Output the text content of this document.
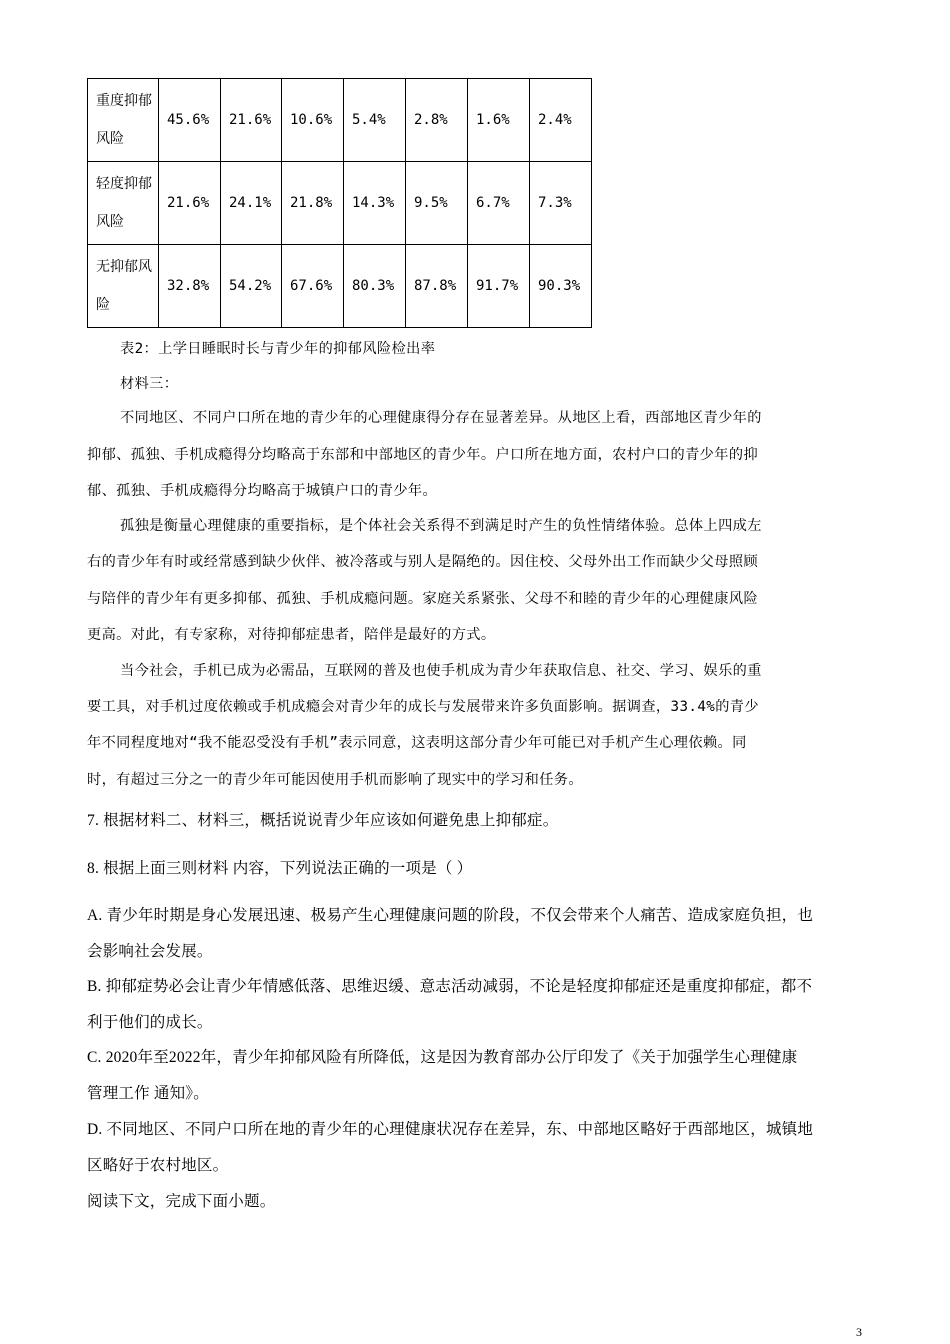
重度抑郁风险	45.6%	21.6%	10.6%	5.4%	2.8%	1.6%	2.4%
轻度抑郁风险	21.6%	24.1%	21.8%	14.3%	9.5%	6.7%	7.3%
无抑郁风险	32.8%	54.2%	67.6%	80.3%	87.8%	91.7%	90.3%
表2：上学日睡眠时长与青少年的抑郁风险检出率
材料三：
不同地区、不同户口所在地的青少年的心理健康得分存在显著差异。从地区上看，西部地区青少年的
抑郁、孤独、手机成瘾得分均略高于东部和中部地区的青少年。户口所在地方面，农村户口的青少年的抑
郁、孤独、手机成瘾得分均略高于城镇户口的青少年。
孤独是衡量心理健康的重要指标，是个体社会关系得不到满足时产生的负性情绪体验。总体上四成左
右的青少年有时或经常感到缺少伙伴、被冷落或与别人是隔绝的。因住校、父母外出工作而缺少父母照顾
与陪伴的青少年有更多抑郁、孤独、手机成瘾问题。家庭关系紧张、父母不和睦的青少年的心理健康风险
更高。对此，有专家称，对待抑郁症患者，陪伴是最好的方式。
当今社会，手机已成为必需品，互联网的普及也使手机成为青少年获取信息、社交、学习、娱乐的重
要工具，对手机过度依赖或手机成瘾会对青少年的成长与发展带来许多负面影响。据调查，33.4%的青少
年不同程度地对“我不能忍受没有手机”表示同意，这表明这部分青少年可能已对手机产生心理依赖。同
时，有超过三分之一的青少年可能因使用手机而影响了现实中的学习和任务。
7. 根据材料二、材料三，概括说说青少年应该如何避免患上抑郁症。
8. 根据上面三则材料 内容，下列说法正确的一项是（ ）
A. 青少年时期是身心发展迅速、极易产生心理健康问题的阶段，不仅会带来个人痛苦、造成家庭负担，也
会影响社会发展。
B. 抑郁症势必会让青少年情感低落、思维迟缓、意志活动减弱，不论是轻度抑郁症还是重度抑郁症，都不
利于他们的成长。
C. 2020年至2022年，青少年抑郁风险有所降低，这是因为教育部办公厅印发了《关于加强学生心理健康
管理工作 通知》。
D. 不同地区、不同户口所在地的青少年的心理健康状况存在差异，东、中部地区略好于西部地区，城镇地
区略好于农村地区。
阅读下文，完成下面小题。
3
